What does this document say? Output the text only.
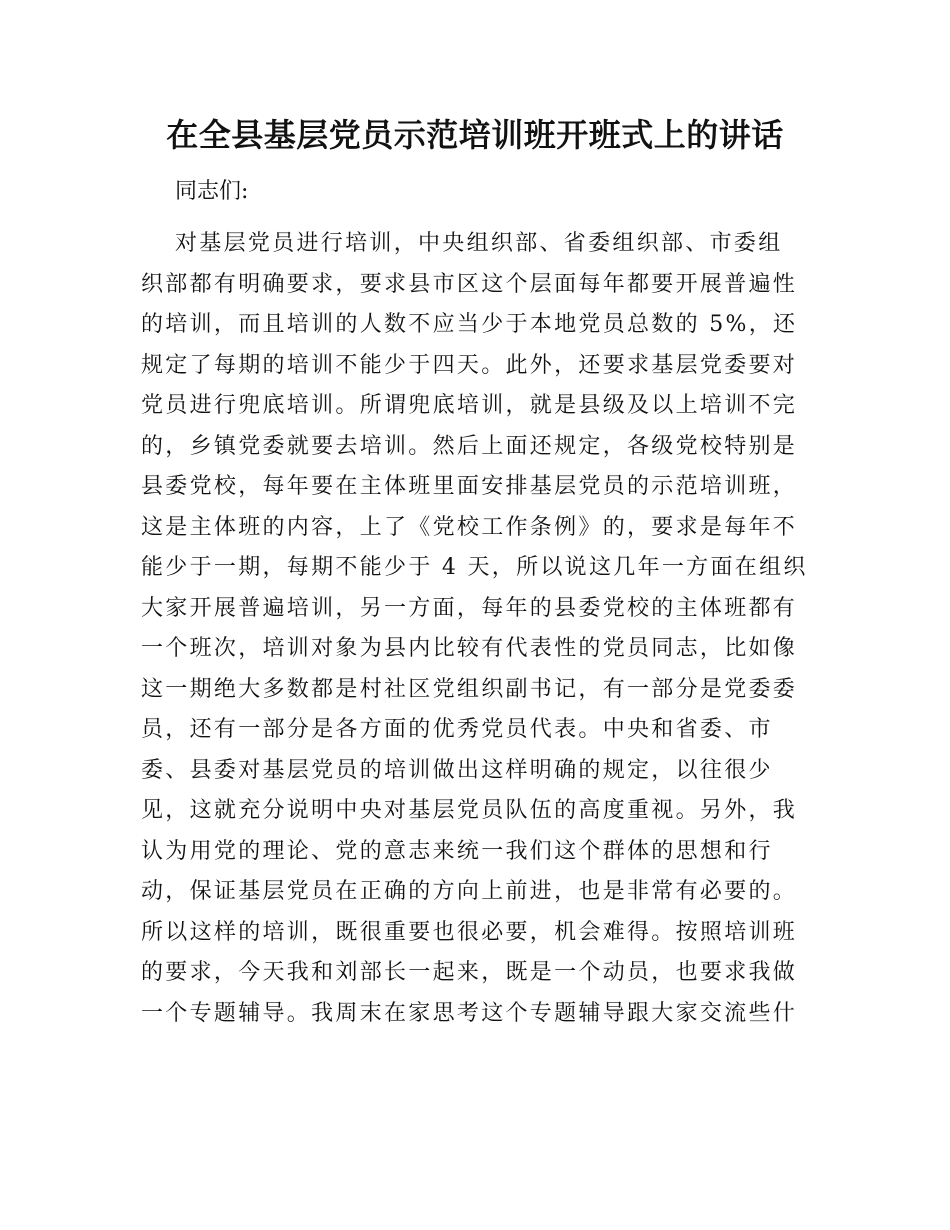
在全县基层党员示范培训班开班式上的讲话

同志们:

对基层党员进行培训，中央组织部、省委组织部、市委组
织部都有明确要求，要求县市区这个层面每年都要开展普遍性
的培训，而且培训的人数不应当少于本地党员总数的 5%，还
规定了每期的培训不能少于四天。此外，还要求基层党委要对
党员进行兜底培训。所谓兜底培训，就是县级及以上培训不完
的，乡镇党委就要去培训。然后上面还规定，各级党校特别是
县委党校，每年要在主体班里面安排基层党员的示范培训班，
这是主体班的内容，上了《党校工作条例》的，要求是每年不
能少于一期，每期不能少于 4 天，所以说这几年一方面在组织
大家开展普遍培训，另一方面，每年的县委党校的主体班都有
一个班次，培训对象为县内比较有代表性的党员同志，比如像
这一期绝大多数都是村社区党组织副书记，有一部分是党委委
员，还有一部分是各方面的优秀党员代表。中央和省委、市
委、县委对基层党员的培训做出这样明确的规定，以往很少
见，这就充分说明中央对基层党员队伍的高度重视。另外，我
认为用党的理论、党的意志来统一我们这个群体的思想和行
动，保证基层党员在正确的方向上前进，也是非常有必要的。
所以这样的培训，既很重要也很必要，机会难得。按照培训班
的要求，今天我和刘部长一起来，既是一个动员，也要求我做
一个专题辅导。我周末在家思考这个专题辅导跟大家交流些什
